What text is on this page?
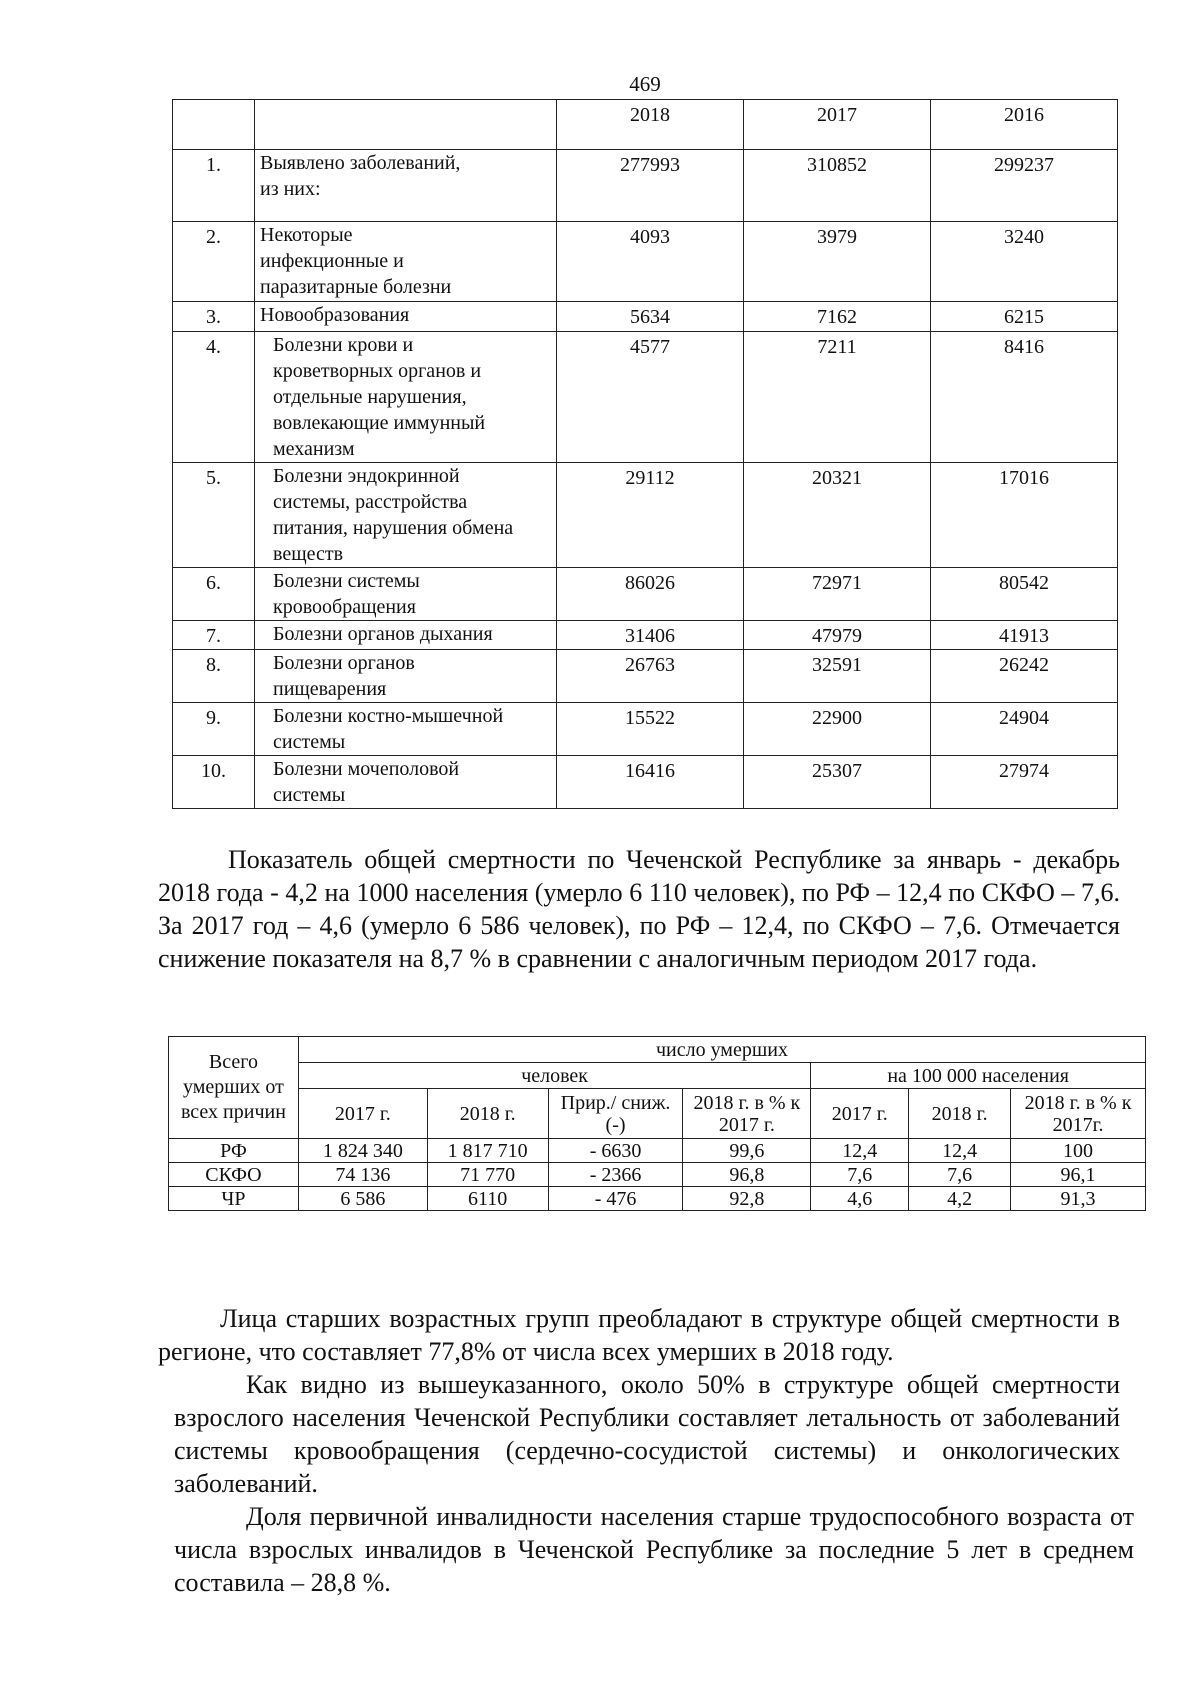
469
		2018	2017	2016
1.	Выявлено заболеваний,
из них:	277993	310852	299237
2.	Некоторые
инфекционные и
паразитарные болезни	4093	3979	3240
3.	Новообразования	5634	7162	6215
4.	Болезни крови и
кроветворных органов и
отдельные нарушения,
вовлекающие иммунный
механизм	4577	7211	8416
5.	Болезни эндокринной
системы, расстройства
питания, нарушения обмена
веществ	29112	20321	17016
6.	Болезни системы
кровообращения	86026	72971	80542
7.	Болезни органов дыхания	31406	47979	41913
8.	Болезни органов
пищеварения	26763	32591	26242
9.	Болезни костно-мышечной
системы	15522	22900	24904
10.	Болезни мочеполовой
системы	16416	25307	27974
Показатель общей смертности по Чеченской Республике за январь - декабрь 2018 года - 4,2 на 1000 населения (умерло 6 110 человек), по РФ – 12,4 по СКФО – 7,6. За 2017 год – 4,6 (умерло 6 586 человек), по РФ – 12,4, по СКФО – 7,6. Отмечается снижение показателя на 8,7 % в сравнении с аналогичным периодом 2017 года.
Всего умерших от всех причин	число умерших						
	человек				на 100 000 населения		
	2017 г.	2018 г.	Прир./ сниж. (-)	2018 г. в % к 2017 г.	2017 г.	2018 г.	2018 г. в % к 2017г.
РФ	1 824 340	1 817 710	- 6630	99,6	12,4	12,4	100
СКФО	74 136	71 770	- 2366	96,8	7,6	7,6	96,1
ЧР	6 586	6110	- 476	92,8	4,6	4,2	91,3
Лица старших возрастных групп преобладают в структуре общей смертности в регионе, что составляет 77,8% от числа всех умерших в 2018 году.
Как видно из вышеуказанного, около 50% в структуре общей смертности взрослого населения Чеченской Республики составляет летальность от заболеваний системы кровообращения (сердечно-сосудистой системы) и онкологических заболеваний.
Доля первичной инвалидности населения старше трудоспособного возраста от числа взрослых инвалидов в Чеченской Республике за последние 5 лет в среднем составила – 28,8 %.
